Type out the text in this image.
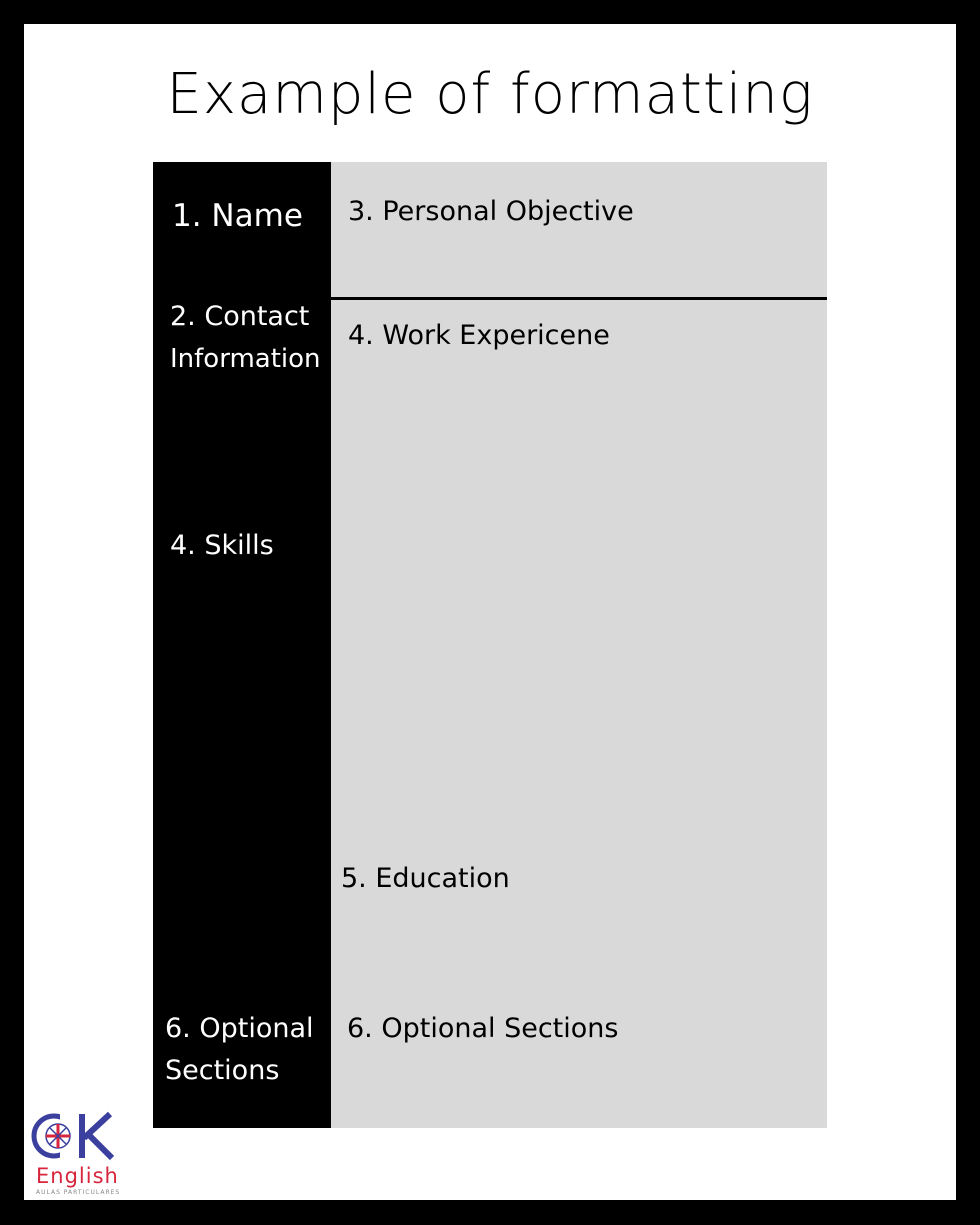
Example of formatting
1. Name
2. Contact
Information
4. Skills
6. Optional
Sections
3. Personal Objective
4. Work Expericene
5. Education
6. Optional Sections
English
AULAS PARTICULARES
